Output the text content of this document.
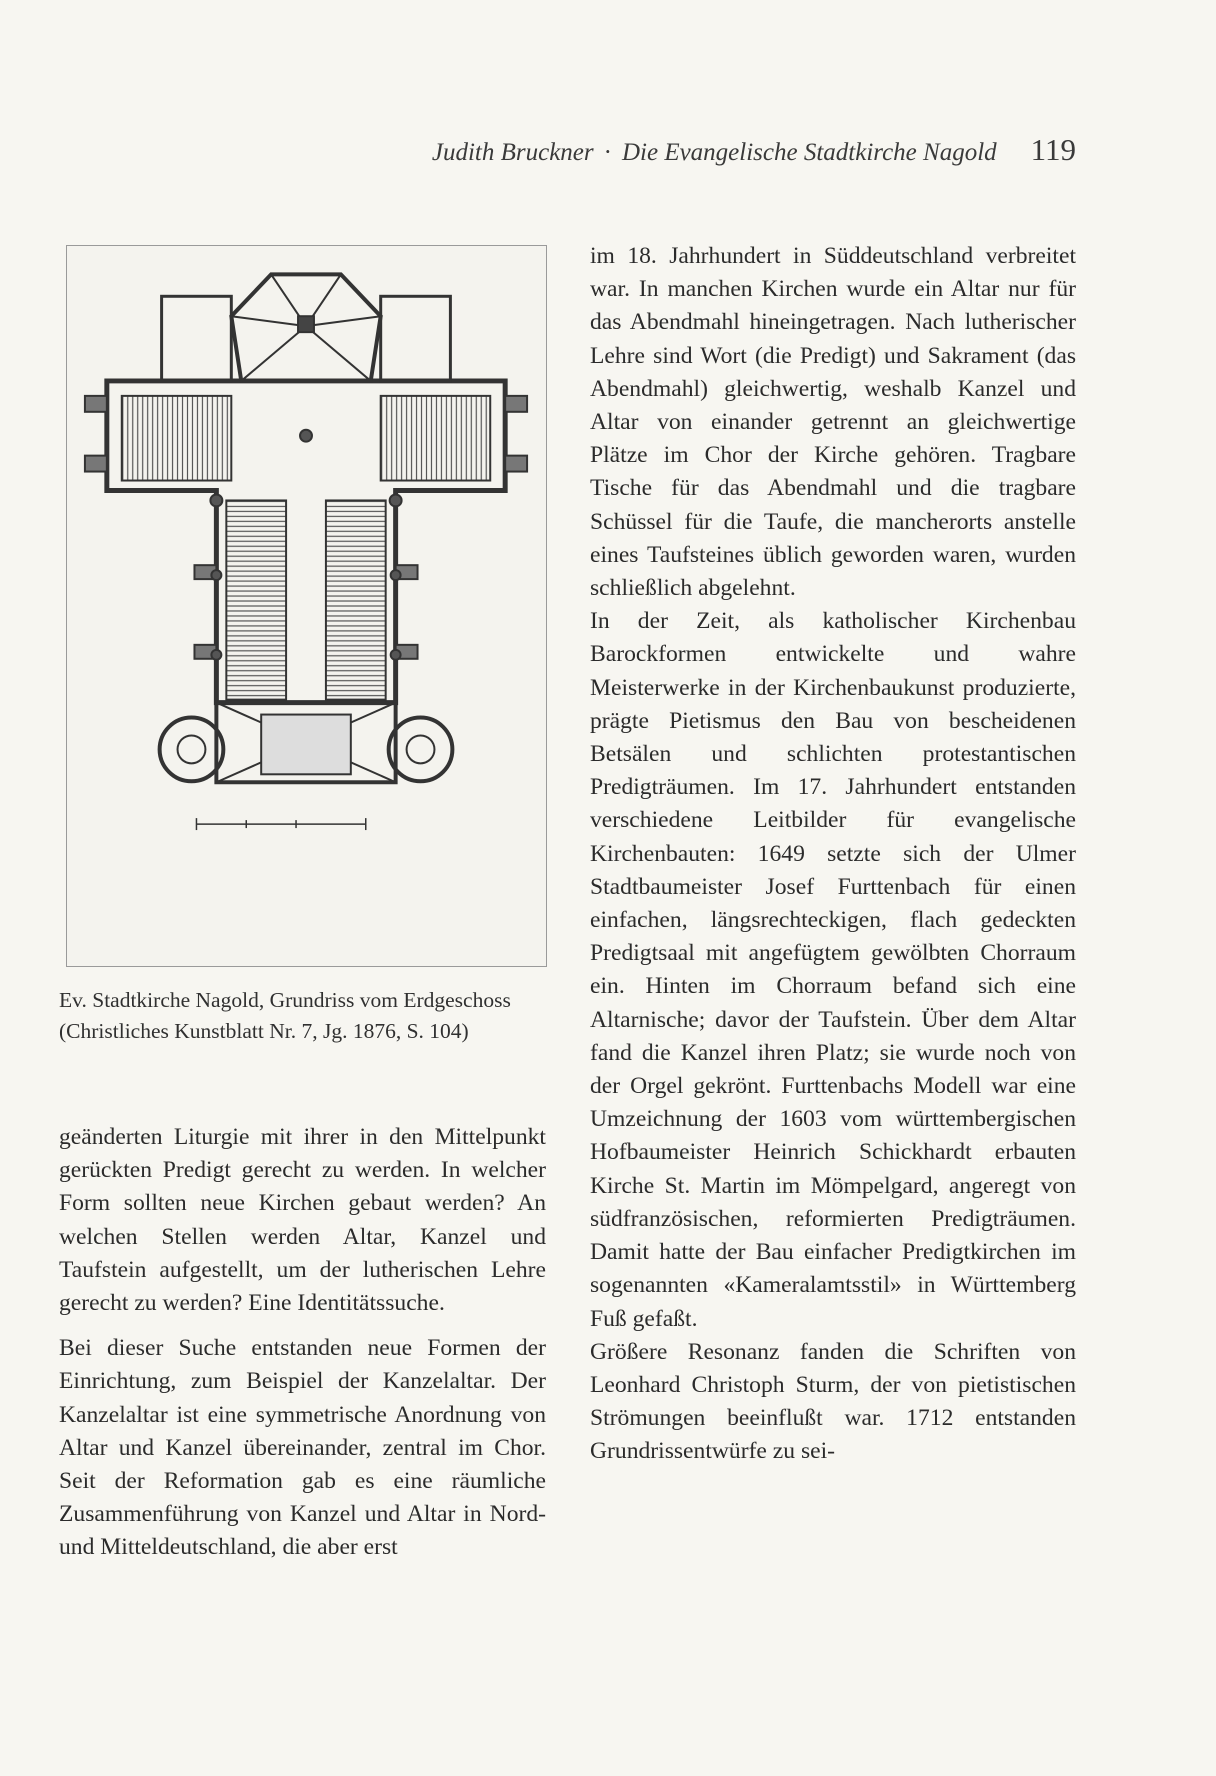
Judith Bruckner · Die Evangelische Stadtkirche Nagold 119
Ev. Stadtkirche Nagold, Grundriss vom Erdgeschoss
(Christliches Kunstblatt Nr. 7, Jg. 1876, S. 104)

geänderten Liturgie mit ihrer in den Mittelpunkt gerückten Predigt gerecht zu werden. In welcher Form sollten neue Kirchen gebaut werden? An welchen Stellen werden Altar, Kanzel und Taufstein aufgestellt, um der lutherischen Lehre gerecht zu werden? Eine Identitätssuche.

Bei dieser Suche entstanden neue Formen der Einrichtung, zum Beispiel der Kanzelaltar. Der Kanzelaltar ist eine symmetrische Anordnung von Altar und Kanzel übereinander, zentral im Chor. Seit der Reformation gab es eine räumliche Zusammenführung von Kanzel und Altar in Nord- und Mitteldeutschland, die aber erst

im 18. Jahrhundert in Süddeutschland verbreitet war. In manchen Kirchen wurde ein Altar nur für das Abendmahl hineingetragen. Nach lutherischer Lehre sind Wort (die Predigt) und Sakrament (das Abendmahl) gleichwertig, weshalb Kanzel und Altar von einander getrennt an gleichwertige Plätze im Chor der Kirche gehören. Tragbare Tische für das Abendmahl und die tragbare Schüssel für die Taufe, die mancherorts anstelle eines Taufsteines üblich geworden waren, wurden schließlich abgelehnt.

In der Zeit, als katholischer Kirchenbau Barockformen entwickelte und wahre Meisterwerke in der Kirchenbaukunst produzierte, prägte Pietismus den Bau von bescheidenen Betsälen und schlichten protestantischen Predigträumen. Im 17. Jahrhundert entstanden verschiedene Leitbilder für evangelische Kirchenbauten: 1649 setzte sich der Ulmer Stadtbaumeister Josef Furttenbach für einen einfachen, längsrechteckigen, flach gedeckten Predigtsaal mit angefügtem gewölbten Chorraum ein. Hinten im Chorraum befand sich eine Altarnische; davor der Taufstein. Über dem Altar fand die Kanzel ihren Platz; sie wurde noch von der Orgel gekrönt. Furttenbachs Modell war eine Umzeichnung der 1603 vom württembergischen Hofbaumeister Heinrich Schickhardt erbauten Kirche St. Martin im Mömpelgard, angeregt von südfranzösischen, reformierten Predigträumen. Damit hatte der Bau einfacher Predigtkirchen im sogenannten «Kameralamtsstil» in Württemberg Fuß gefaßt.

Größere Resonanz fanden die Schriften von Leonhard Christoph Sturm, der von pietistischen Strömungen beeinflußt war. 1712 entstanden Grundrissentwürfe zu sei-
